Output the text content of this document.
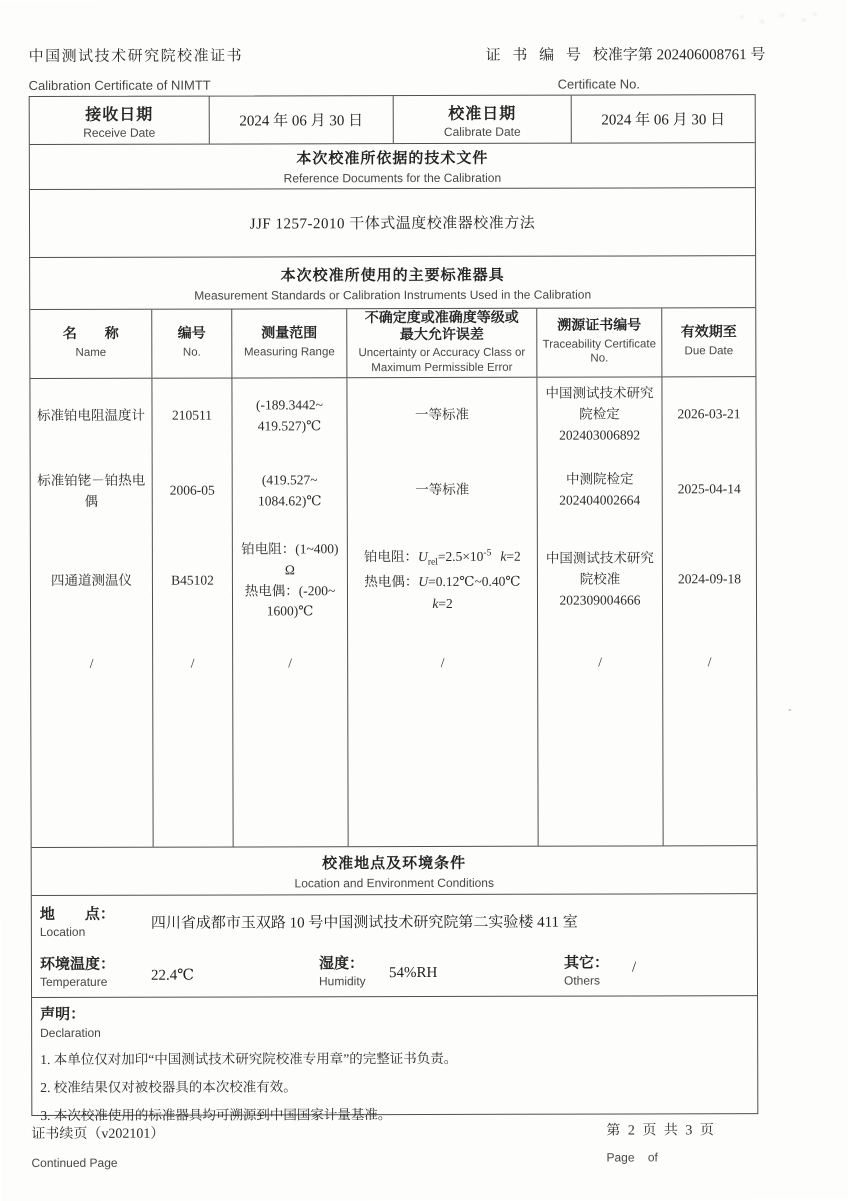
中国测试技术研究院校准证书
Calibration Certificate of NIMTT
证 书 编 号 校准字第 202406008761 号
Certificate No.
接收日期
Receive Date
2024 年 06 月 30 日	校准日期
Calibrate Date
2024 年 06 月 30 日
本次校准所依据的技术文件
Reference Documents for the Calibration
JJF 1257-2010 干体式温度校准器校准方法
本次校准所使用的主要标准器具
Measurement Standards or Calibration Instruments Used in the Calibration
名　　称
Name
编号
No.
测量范围
Measuring Range
不确定度或准确度等级或
最大允许误差
Uncertainty or Accuracy Class or Maximum Permissible Error
溯源证书编号
Traceability Certificate No.
有效期至
Due Date
标准铂电阻温度计
标准铂铑－铂热电
偶
四通道测温仪
/
210511
2006-05
B45102
/
(-189.3442~
419.527)℃
(419.527~
1084.62)℃
铂电阻：(1~400)
Ω
热电偶：(-200~
1600)℃
/
一等标准
一等标准
铂电阻：$U_{rel}=2.5\times 10^{-5}$ k=2
热电偶：U=0.12℃~0.40℃
k=2
/
中国测试技术研究
院检定
202403006892
中测院检定
202404002664
中国测试技术研究
院校准
202309004666
/
2026-03-21
2025-04-14
2024-09-18
/
校准地点及环境条件
Location and Environment Conditions
地　　点：
Location
四川省成都市玉双路 10 号中国测试技术研究院第二实验楼 411 室
环境温度：
Temperature	22.4℃
湿度：
Humidity
54%RH
其它：
Others
/
声明：
Declaration
1. 本单位仅对加印“中国测试技术研究院校准专用章”的完整证书负责。
2. 校准结果仅对被校器具的本次校准有效。
3. 本次校准使用的标准器具均可溯源到中国国家计量基准。
证书续页（v202101）
Continued Page
第 2 页 共 3 页
Page    of
